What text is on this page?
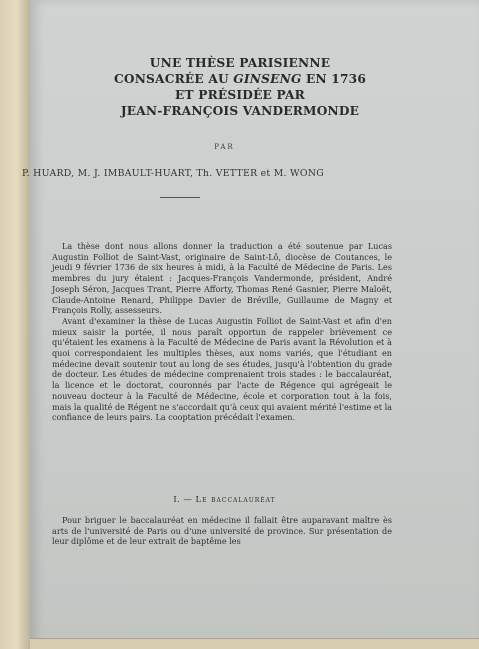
UNE THÈSE PARISIENNE
CONSACRÉE AU GINSENG EN 1736
ET PRÉSIDÉE PAR
JEAN-FRANÇOIS VANDERMONDE
PAR
P. HUARD, M. J. IMBAULT-HUART, Th. VETTER et M. WONG

La thèse dont nous allons donner la traduction a été soutenue par Lucas Augustin Folliot de Saint-Vast, originaire de Saint-Lô, diocèse de Coutances, le jeudi 9 février 1736 de six heures à midi, à la Faculté de Médecine de Paris. Les membres du jury étaient : Jacques-François Vandermonde, président, André Joseph Séron, Jacques Trant, Pierre Afforty, Thomas René Gasnier, Pierre Maloët, Claude-Antoine Renard, Philippe Davier de Bréville, Guillaume de Magny et François Rolly, assesseurs.

Avant d'examiner la thèse de Lucas Augustin Folliot de Saint-Vast et afin d'en mieux saisir la portée, il nous paraît opportun de rappeler brièvement ce qu'étaient les examens à la Faculté de Médecine de Paris avant la Révolution et à quoi correspondaient les multiples thèses, aux noms variés, que l'étudiant en médecine devait soutenir tout au long de ses études, jusqu'à l'obtention du grade de docteur. Les études de médecine comprenaient trois stades : le baccalauréat, la licence et le doctorat, couronnés par l'acte de Régence qui agrégeait le nouveau docteur à la Faculté de Médecine, école et corporation tout à la fois, mais la qualité de Régent ne s'accordait qu'à ceux qui avaient mérité l'estime et la confiance de leurs pairs. La cooptation précédait l'examen.

I. — Le baccalauréat

Pour briguer le baccalauréat en médecine il fallait être auparavant maître ès arts de l'université de Paris ou d'une université de province. Sur présentation de leur diplôme et de leur extrait de baptême les
